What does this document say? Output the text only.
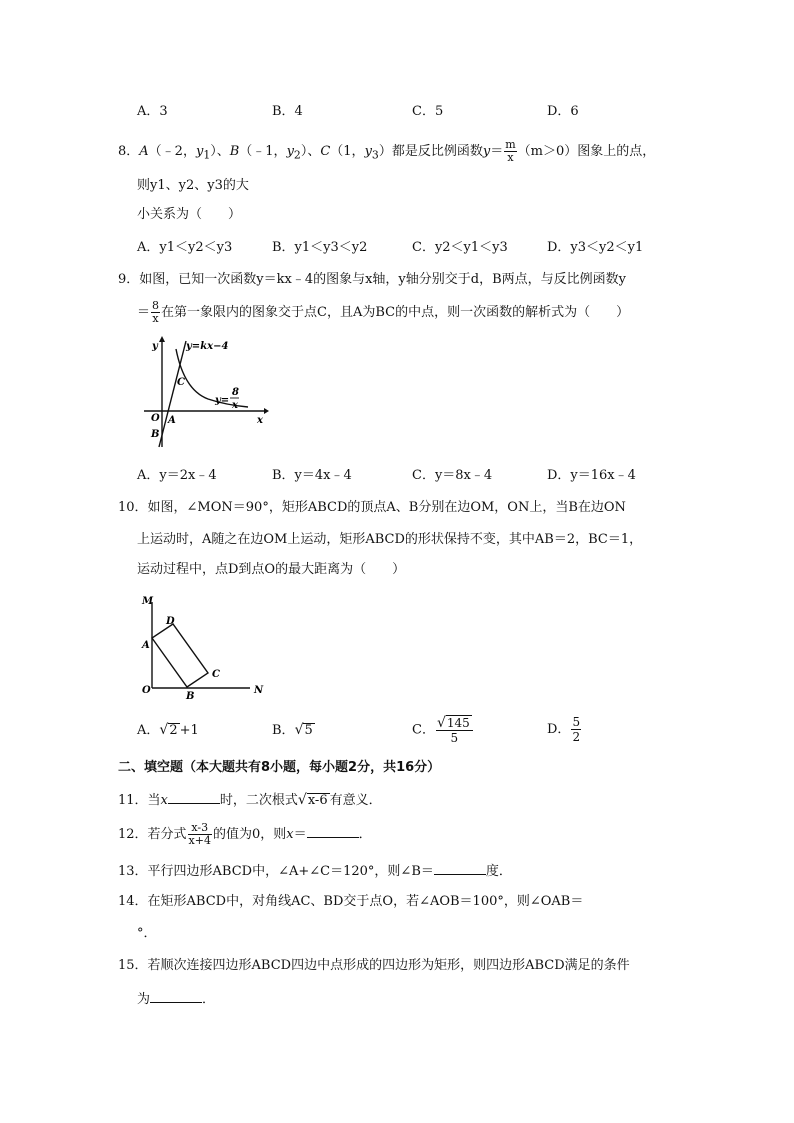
A．3	B．4	C．5	D．6
8．A（﹣2，$y_1$）、B（﹣1，$y_2$）、C（1，$y_3$）都是反比例函数$y= \frac{m}{x} (m>0)$图象上的点，
则y1、y2、y3的大
小关系为（　　）
A．y1＜y2＜y3	B．y1＜y3＜y2	C．y2＜y1＜y3	D．y3＜y2＜y1
9．如图，已知一次函数y＝kx﹣4的图象与x轴，y轴分别交于d，B两点，与反比例函数y
＝ $\frac{8}{x}$ 在第一象限内的图象交于点C，且A为BC的中点，则一次函数的解析式为（　　）
y=kx−4
y
x
C
O A
B
y=
8
x
A．y＝2x﹣4	B．y＝4x﹣4	C．y＝8x﹣4	D．y＝16x﹣4
10．如图，∠MON＝90°，矩形ABCD的顶点A、B分别在边OM，ON上，当B在边ON
上运动时，A随之在边OM上运动，矩形ABCD的形状保持不变，其中AB＝2，BC＝1，
运动过程中，点D到点O的最大距离为（　　）
M
N
O
A
B
C
D
A．√2 +1	B．√5	C． $\frac{√145}{5}$	D． $\frac{5}{2}$
二、填空题（本大题共有8小题，每小题2分，共16分）
11．当x	时，二次根式√x-6 有意义．
12．若分式 $\frac{x-3}{x+4}$ 的值为0，则x＝	．
13．平行四边形ABCD中，∠A+∠C＝120°，则∠B＝	度．
14．在矩形ABCD中，对角线AC、BD交于点O，若∠AOB＝100°，则∠OAB＝
°．
15．若顺次连接四边形ABCD四边中点形成的四边形为矩形，则四边形ABCD满足的条件
为	．
